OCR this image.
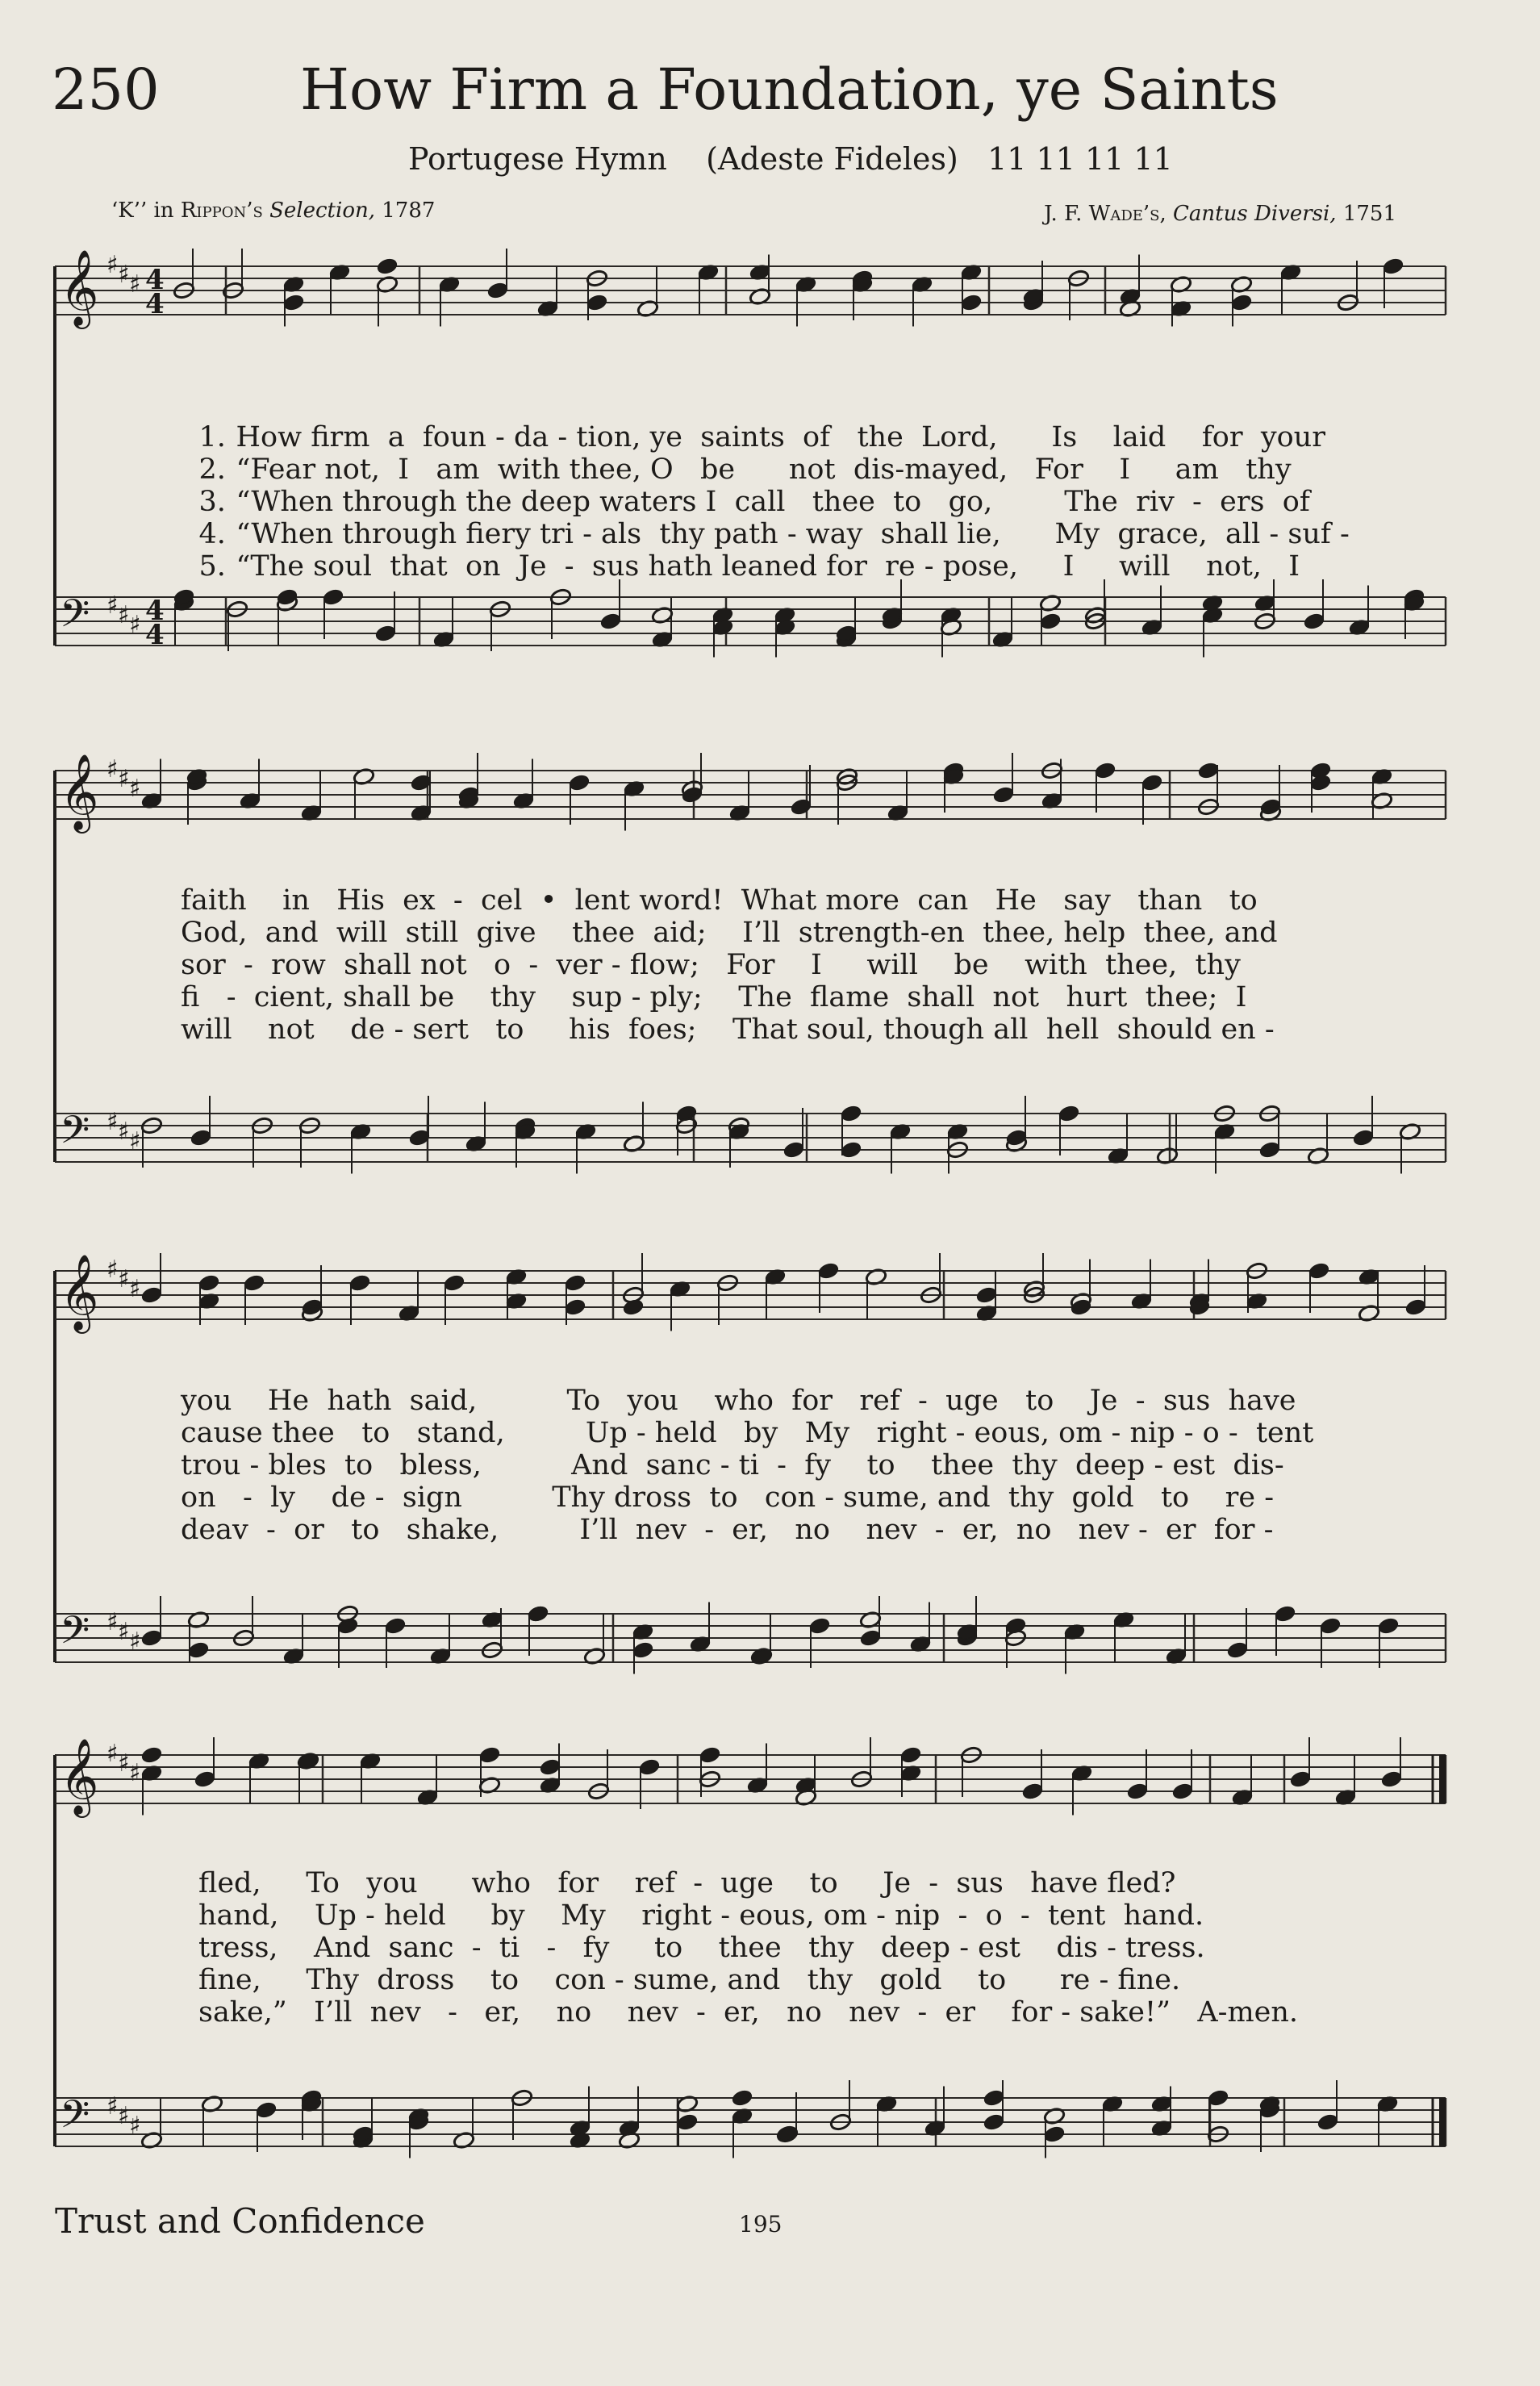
250 How Firm a Foundation, ye Saints
Portugese Hymn (Adeste Fideles) 11 11 11 11
‘K’’ in Rippon’s Selection, 1787	J. F. Wade’s, Cantus Diversi, 1751
𝄞 ♯ ♯ ♯ 4
4
𝄢 ♯ ♯ ♯ 4
4
𝄞 ♯ ♯ ♯
𝄢 ♯ ♯ ♯
𝄞 ♯ ♯ ♯
𝄢 ♯ ♯ ♯
𝄞 ♯ ♯ ♯
𝄢 ♯ ♯ ♯

1. How firm  a  foun - da - tion, ye  saints  of   the  Lord,      Is    laid    for  your

2. “Fear not,  I   am  with thee, O   be      not  dis-mayed,   For    I     am   thy

3. “When through the deep waters I  call   thee  to   go,        The  riv  -  ers  of

4. “When through fiery tri - als  thy path - way  shall lie,      My  grace,  all - suf -

5. “The soul  that  on  Je  -  sus hath leaned for  re - pose,     I     will    not,   I
faith    in   His  ex  -  cel  •  lent word!  What more  can   He   say   than   to
God,  and  will  still  give    thee  aid;    I’ll  strength-en  thee, help  thee, and
sor  -  row  shall not   o  -  ver - flow;   For    I     will    be    with  thee,  thy
fi   -  cient, shall be    thy    sup - ply;    The  flame  shall  not   hurt  thee;  I
will    not    de - sert   to     his  foes;    That soul, though all  hell  should en -
you    He  hath  said,          To   you    who  for   ref  -  uge   to    Je  -  sus  have
cause thee   to   stand,         Up - held   by   My   right - eous, om - nip - o -  tent
trou - bles  to   bless,          And  sanc - ti  -  fy    to    thee  thy  deep - est  dis-
on   -  ly    de -  sign          Thy dross  to   con - sume, and  thy  gold   to    re -
deav  -  or   to   shake,         I’ll  nev  -  er,   no    nev  -  er,  no   nev -  er  for -
fled,     To   you      who   for    ref  -  uge    to     Je  -  sus   have fled?
hand,    Up - held     by    My    right - eous, om - nip  -  o  -  tent  hand.
tress,    And  sanc  -  ti   -   fy     to    thee   thy   deep - est    dis - tress.
fine,     Thy  dross    to    con - sume, and   thy   gold    to      re - fine.
sake,”   I’ll  nev   -   er,    no    nev  -  er,   no   nev  -  er    for - sake!”   A-men.
Trust and Confidence	195
